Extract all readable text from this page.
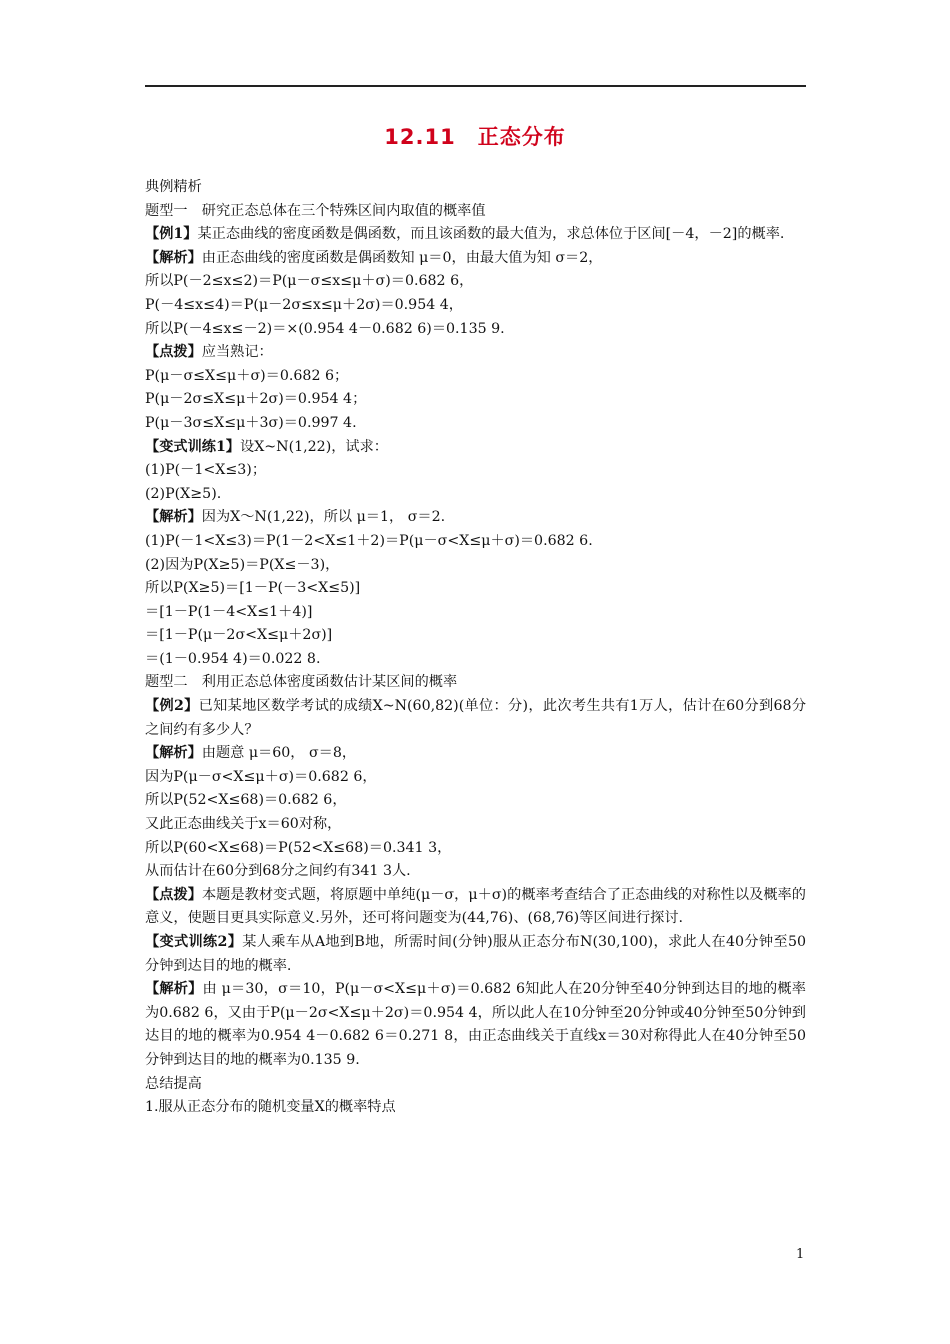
12.11　正态分布

典例精析

题型一　研究正态总体在三个特殊区间内取值的概率值

【例1】某正态曲线的密度函数是偶函数，而且该函数的最大值为，求总体位于区间[－4，－2]的概率.

【解析】由正态曲线的密度函数是偶函数知 μ＝0，由最大值为知 σ＝2，

所以P(－2≤x≤2)＝P(μ－σ≤x≤μ＋σ)＝0.682 6，

P(－4≤x≤4)＝P(μ－2σ≤x≤μ＋2σ)＝0.954 4，

所以P(－4≤x≤－2)＝×(0.954 4－0.682 6)＝0.135 9.

【点拨】应当熟记：

P(μ－σ≤X≤μ＋σ)＝0.682 6；

P(μ－2σ≤X≤μ＋2σ)＝0.954 4；

P(μ－3σ≤X≤μ＋3σ)＝0.997 4.

【变式训练1】设X~N(1,22)，试求：

(1)P(－1<X≤3)；

(2)P(X≥5).

【解析】因为X～N(1,22)，所以 μ＝1， σ＝2.

(1)P(－1<X≤3)＝P(1－2<X≤1＋2)＝P(μ－σ<X≤μ＋σ)＝0.682 6.

(2)因为P(X≥5)＝P(X≤－3)，

所以P(X≥5)＝[1－P(－3<X≤5)]

＝[1－P(1－4<X≤1＋4)]

＝[1－P(μ－2σ<X≤μ＋2σ)]

＝(1－0.954 4)＝0.022 8.

题型二　利用正态总体密度函数估计某区间的概率

【例2】已知某地区数学考试的成绩X~N(60,82)(单位：分)，此次考生共有1万人，估计在60分到68分之间约有多少人？

【解析】由题意 μ＝60， σ＝8，

因为P(μ－σ<X≤μ＋σ)＝0.682 6，

所以P(52<X≤68)＝0.682 6，

又此正态曲线关于x＝60对称，

所以P(60<X≤68)＝P(52<X≤68)＝0.341 3，

从而估计在60分到68分之间约有341 3人.

【点拨】本题是教材变式题，将原题中单纯(μ－σ，μ＋σ)的概率考查结合了正态曲线的对称性以及概率的意义，使题目更具实际意义.另外，还可将问题变为(44,76)、(68,76)等区间进行探讨.

【变式训练2】某人乘车从A地到B地，所需时间(分钟)服从正态分布N(30,100)，求此人在40分钟至50分钟到达目的地的概率.

【解析】由 μ＝30，σ＝10，P(μ－σ<X≤μ＋σ)＝0.682 6知此人在20分钟至40分钟到达目的地的概率为0.682 6，又由于P(μ－2σ<X≤μ＋2σ)＝0.954 4，所以此人在10分钟至20分钟或40分钟至50分钟到达目的地的概率为0.954 4－0.682 6＝0.271 8，由正态曲线关于直线x＝30对称得此人在40分钟至50分钟到达目的地的概率为0.135 9.

总结提高

1.服从正态分布的随机变量X的概率特点

1
